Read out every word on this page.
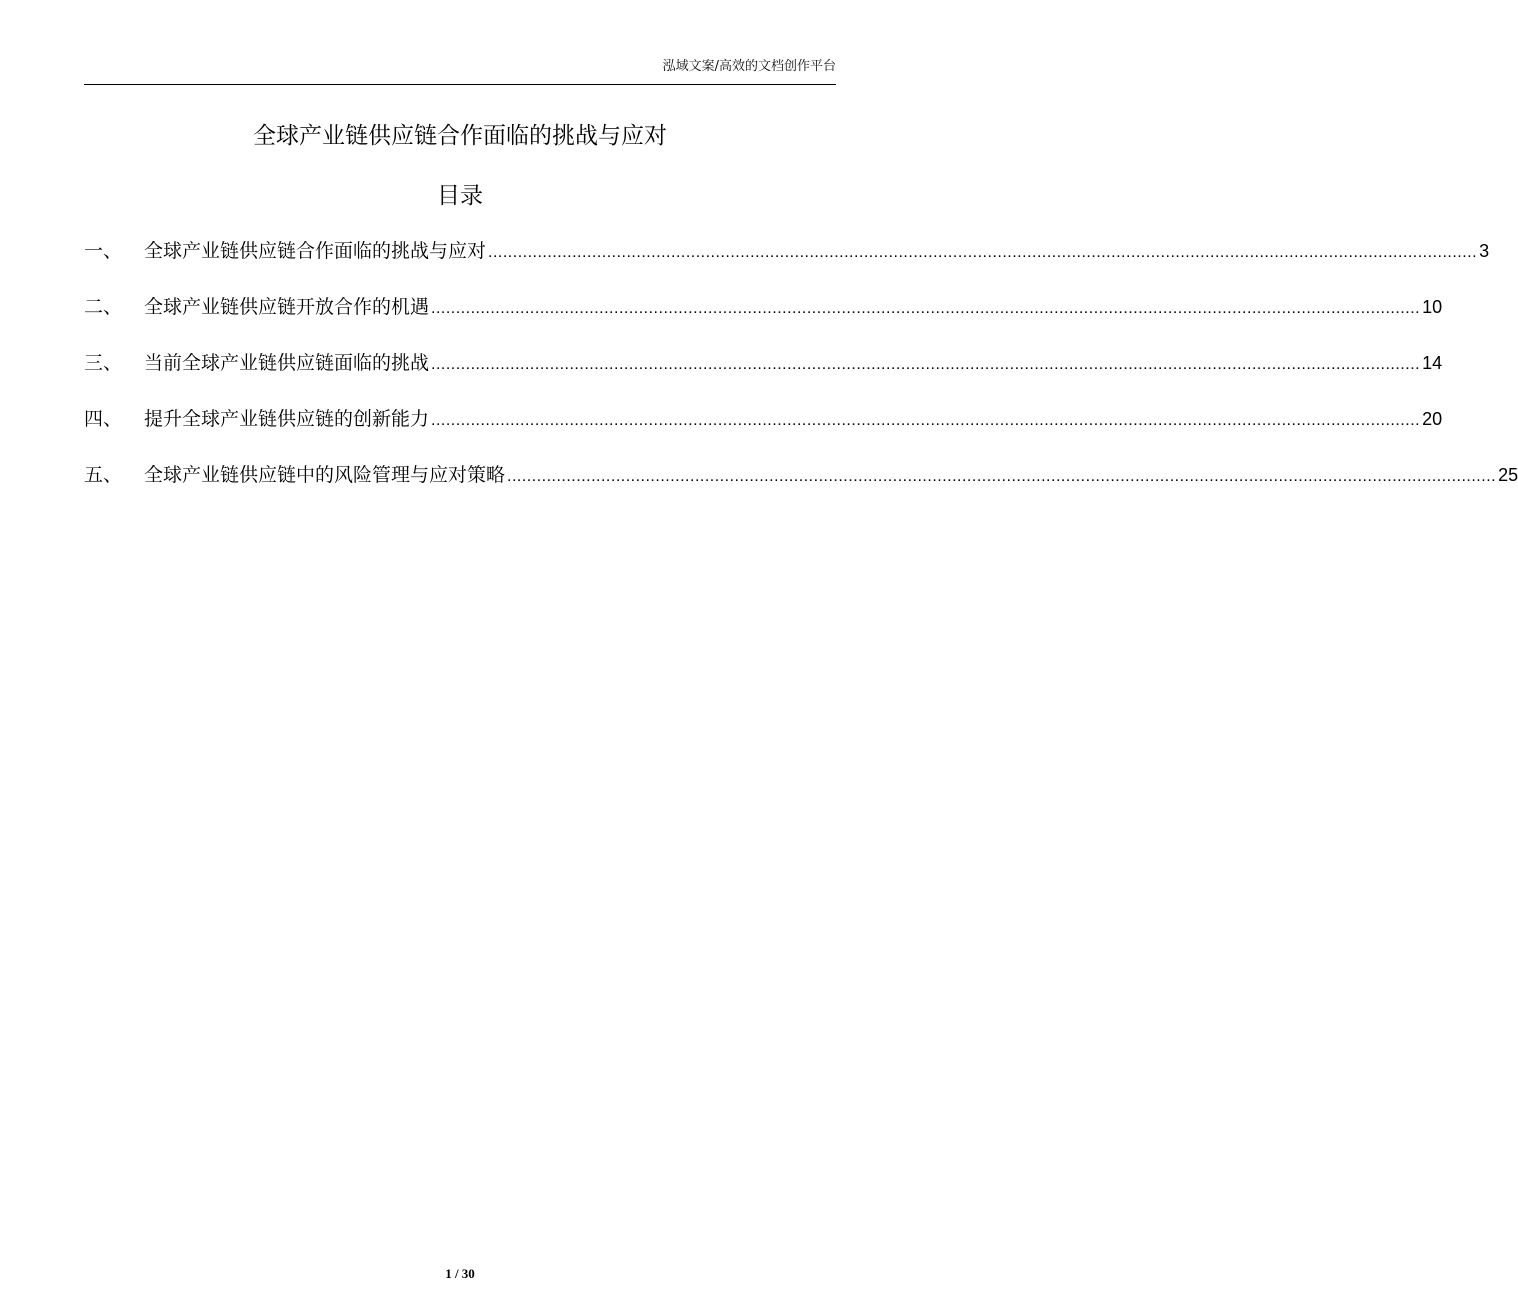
泓域文案/高效的文档创作平台
全球产业链供应链合作面临的挑战与应对
目录
一、	全球产业链供应链合作面临的挑战与应对 ........................................................................................................................................................................................................ 3
二、	全球产业链供应链开放合作的机遇 ........................................................................................................................................................................................................ 10
三、	当前全球产业链供应链面临的挑战 ........................................................................................................................................................................................................ 14
四、	提升全球产业链供应链的创新能力 ........................................................................................................................................................................................................ 20
五、	全球产业链供应链中的风险管理与应对策略 ........................................................................................................................................................................................................ 25
1 / 30
